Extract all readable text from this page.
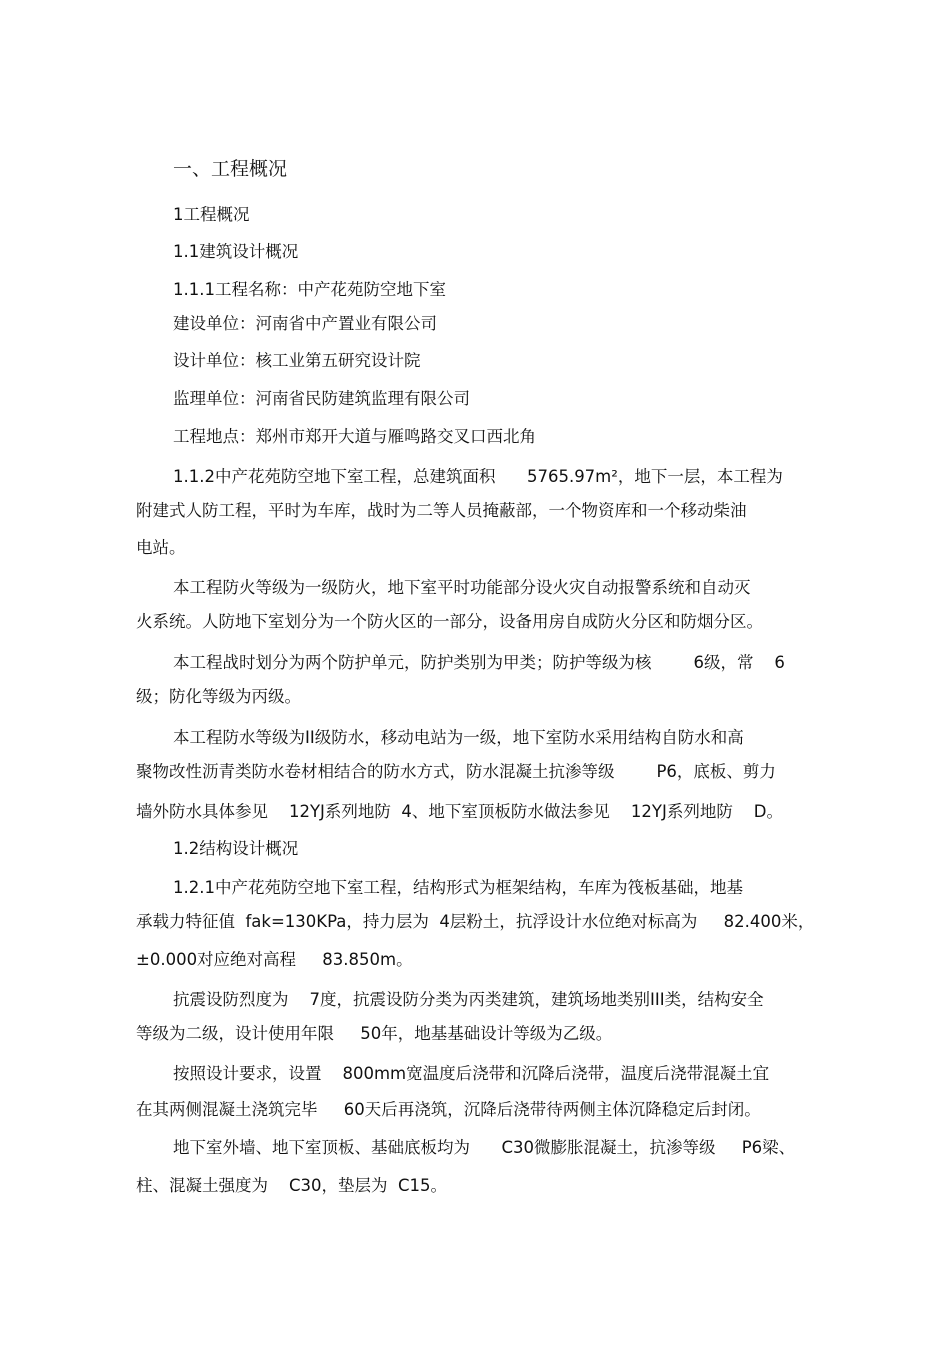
一、工程概况

1工程概况

1.1建筑设计概况

1.1.1工程名称：中产花苑防空地下室

建设单位：河南省中产置业有限公司

设计单位：核工业第五研究设计院

监理单位：河南省民防建筑监理有限公司

工程地点：郑州市郑开大道与雁鸣路交叉口西北角

1.1.2中产花苑防空地下室工程，总建筑面积      5765.97m²，地下一层，本工程为

附建式人防工程，平时为车库，战时为二等人员掩蔽部，一个物资库和一个移动柴油

电站。

本工程防火等级为一级防火，地下室平时功能部分设火灾自动报警系统和自动灭

火系统。人防地下室划分为一个防火区的一部分，设备用房自成防火分区和防烟分区。

本工程战时划分为两个防护单元，防护类别为甲类；防护等级为核        6级，常    6

级；防化等级为丙级。

本工程防水等级为II级防水，移动电站为一级，地下室防水采用结构自防水和高

聚物改性沥青类防水卷材相结合的防水方式，防水混凝土抗渗等级        P6，底板、剪力

墙外防水具体参见    12YJ系列地防  4、地下室顶板防水做法参见    12YJ系列地防    D。

1.2结构设计概况

1.2.1中产花苑防空地下室工程，结构形式为框架结构，车库为筏板基础，地基

承载力特征值  fak=130KPa，持力层为  4层粉土，抗浮设计水位绝对标高为     82.400米，

±0.000对应绝对高程     83.850m。

抗震设防烈度为    7度，抗震设防分类为丙类建筑，建筑场地类别III类，结构安全

等级为二级，设计使用年限     50年，地基基础设计等级为乙级。

按照设计要求，设置    800mm宽温度后浇带和沉降后浇带，温度后浇带混凝土宜

在其两侧混凝土浇筑完毕     60天后再浇筑，沉降后浇带待两侧主体沉降稳定后封闭。

地下室外墙、地下室顶板、基础底板均为      C30微膨胀混凝土，抗渗等级     P6梁、

柱、混凝土强度为    C30，垫层为  C15。
